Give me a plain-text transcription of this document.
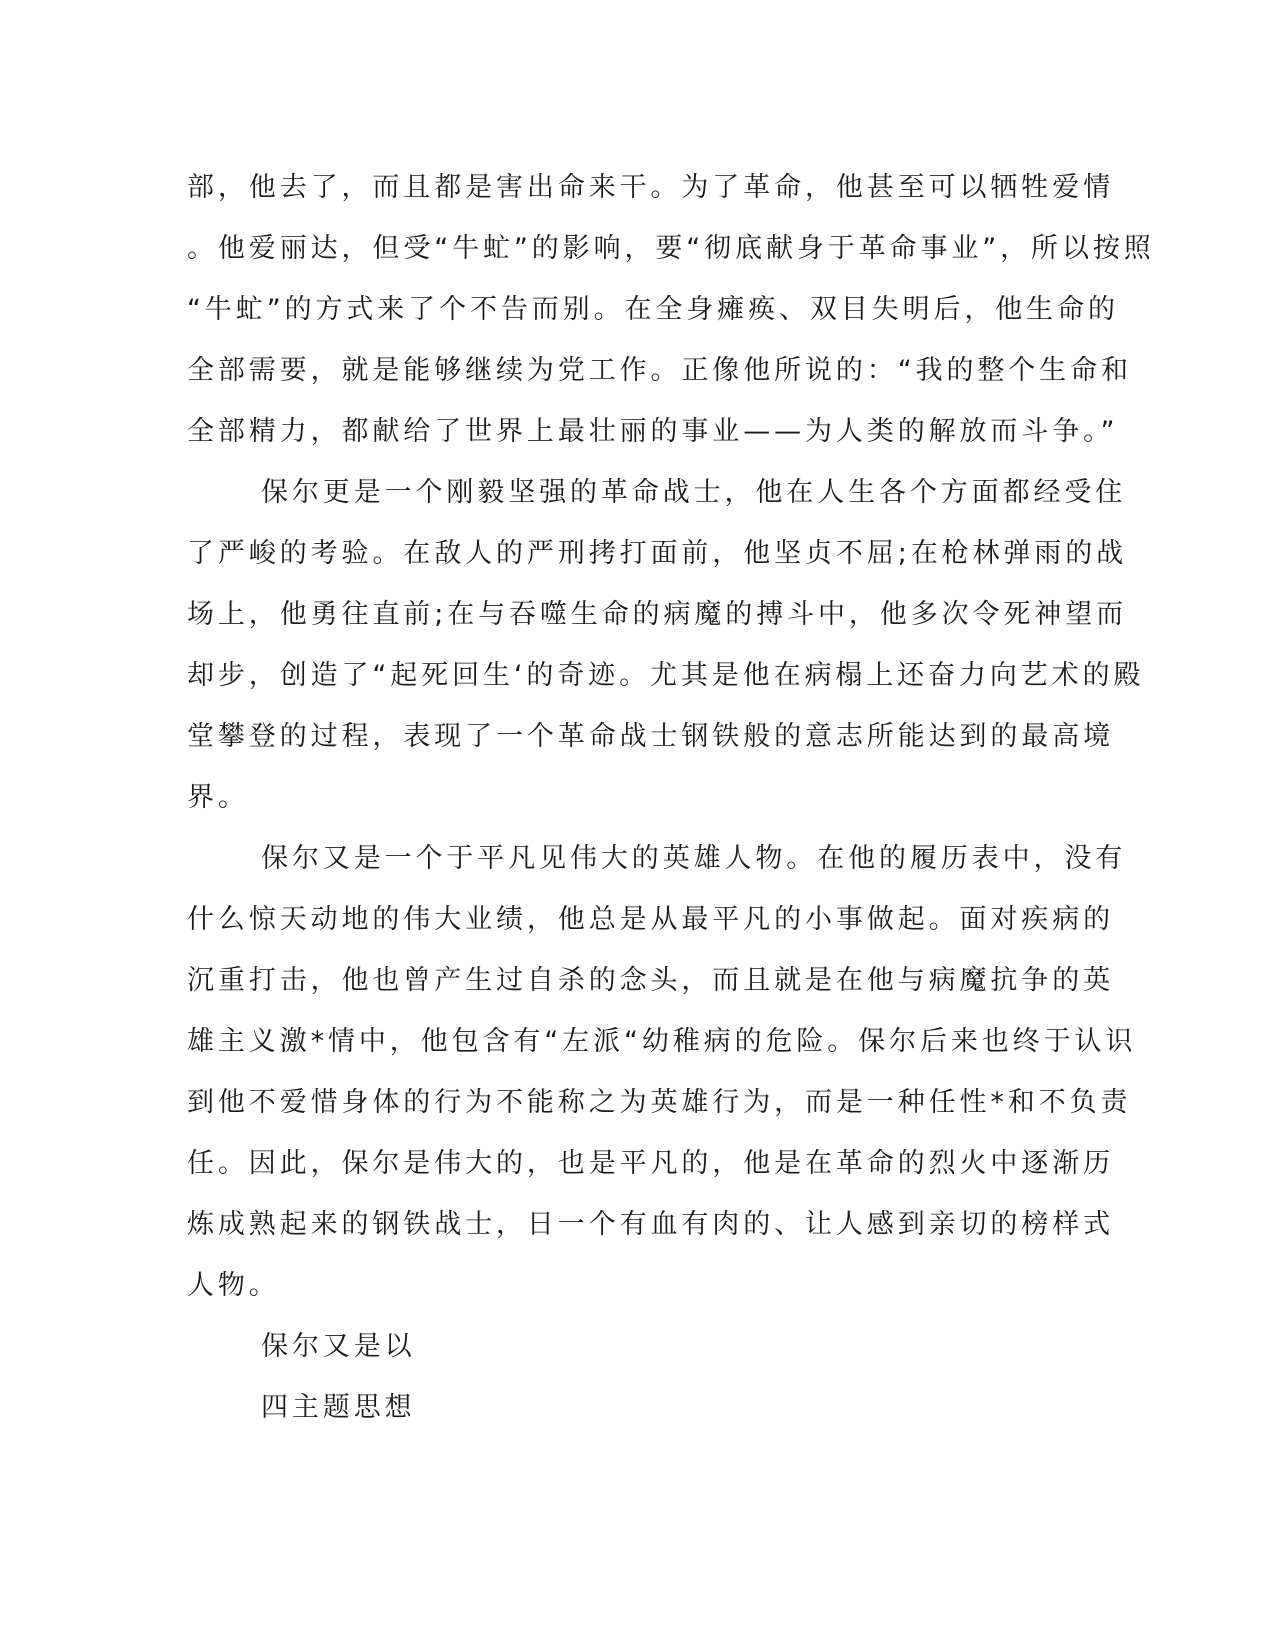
部，他去了，而且都是害出命来干。为了革命，他甚至可以牺牲爱情
。他爱丽达，但受“牛虻”的影响，要“彻底献身于革命事业”，所以按照
“牛虻”的方式来了个不告而别。在全身瘫痪、双目失明后，他生命的
全部需要，就是能够继续为党工作。正像他所说的：“我的整个生命和
全部精力，都献给了世界上最壮丽的事业——为人类的解放而斗争。”
保尔更是一个刚毅坚强的革命战士，他在人生各个方面都经受住
了严峻的考验。在敌人的严刑拷打面前，他坚贞不屈;在枪林弹雨的战
场上，他勇往直前;在与吞噬生命的病魔的搏斗中，他多次令死神望而
却步，创造了“起死回生‘的奇迹。尤其是他在病榻上还奋力向艺术的殿
堂攀登的过程，表现了一个革命战士钢铁般的意志所能达到的最高境
界。
保尔又是一个于平凡见伟大的英雄人物。在他的履历表中，没有
什么惊天动地的伟大业绩，他总是从最平凡的小事做起。面对疾病的
沉重打击，他也曾产生过自杀的念头，而且就是在他与病魔抗争的英
雄主义激*情中，他包含有“左派“幼稚病的危险。保尔后来也终于认识
到他不爱惜身体的行为不能称之为英雄行为，而是一种任性*和不负责
任。因此，保尔是伟大的，也是平凡的，他是在革命的烈火中逐渐历
炼成熟起来的钢铁战士，日一个有血有肉的、让人感到亲切的榜样式
人物。
保尔又是以
四主题思想
